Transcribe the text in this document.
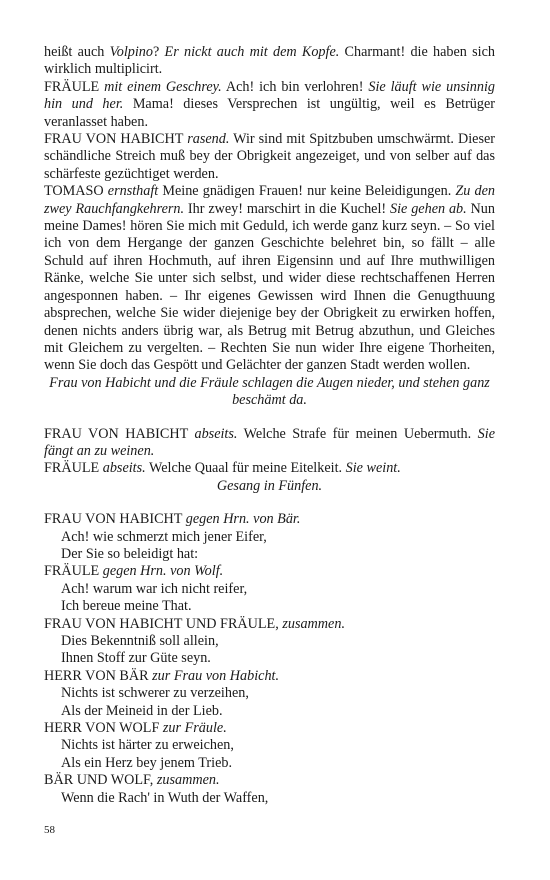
heißt auch Volpino? Er nickt auch mit dem Kopfe. Charmant! die haben sich wirklich multiplicirt.
FRÄULE mit einem Geschrey. Ach! ich bin verlohren! Sie läuft wie unsinnig hin und her. Mama! dieses Versprechen ist ungültig, weil es Betrüger veranlasset haben.
FRAU VON HABICHT rasend. Wir sind mit Spitzbuben umschwärmt. Dieser schändliche Streich muß bey der Obrigkeit angezeiget, und von selber auf das schärfeste gezüchtiget werden.
TOMASO ernsthaft Meine gnädigen Frauen! nur keine Beleidigungen. Zu den zwey Rauchfangkehrern. Ihr zwey! marschirt in die Kuchel! Sie gehen ab. Nun meine Dames! hören Sie mich mit Geduld, ich werde ganz kurz seyn. – So viel ich von dem Hergange der ganzen Geschichte belehret bin, so fällt – alle Schuld auf ihren Hochmuth, auf ihren Eigensinn und auf Ihre muthwilligen Ränke, welche Sie unter sich selbst, und wider diese rechtschaffenen Herren angesponnen haben. – Ihr eigenes Gewissen wird Ihnen die Genugthuung absprechen, welche Sie wider diejenige bey der Obrigkeit zu erwirken hoffen, denen nichts anders übrig war, als Betrug mit Betrug abzuthun, und Gleiches mit Gleichem zu vergelten. – Rechten Sie nun wider Ihre eigene Thorheiten, wenn Sie doch das Gespött und Gelächter der ganzen Stadt werden wollen.
Frau von Habicht und die Fräule schlagen die Augen nieder, und stehen ganz beschämt da.
FRAU VON HABICHT abseits. Welche Strafe für meinen Uebermuth. Sie fängt an zu weinen.
FRÄULE abseits. Welche Quaal für meine Eitelkeit. Sie weint.
Gesang in Fünfen.
FRAU VON HABICHT gegen Hrn. von Bär.
Ach! wie schmerzt mich jener Eifer,
Der Sie so beleidigt hat:
FRÄULE gegen Hrn. von Wolf.
Ach! warum war ich nicht reifer,
Ich bereue meine That.
FRAU VON HABICHT UND FRÄULE, zusammen.
Dies Bekenntniß soll allein,
Ihnen Stoff zur Güte seyn.
HERR VON BÄR zur Frau von Habicht.
Nichts ist schwerer zu verzeihen,
Als der Meineid in der Lieb.
HERR VON WOLF zur Fräule.
Nichts ist härter zu erweichen,
Als ein Herz bey jenem Trieb.
BÄR UND WOLF, zusammen.
Wenn die Rach' in Wuth der Waffen,
58
